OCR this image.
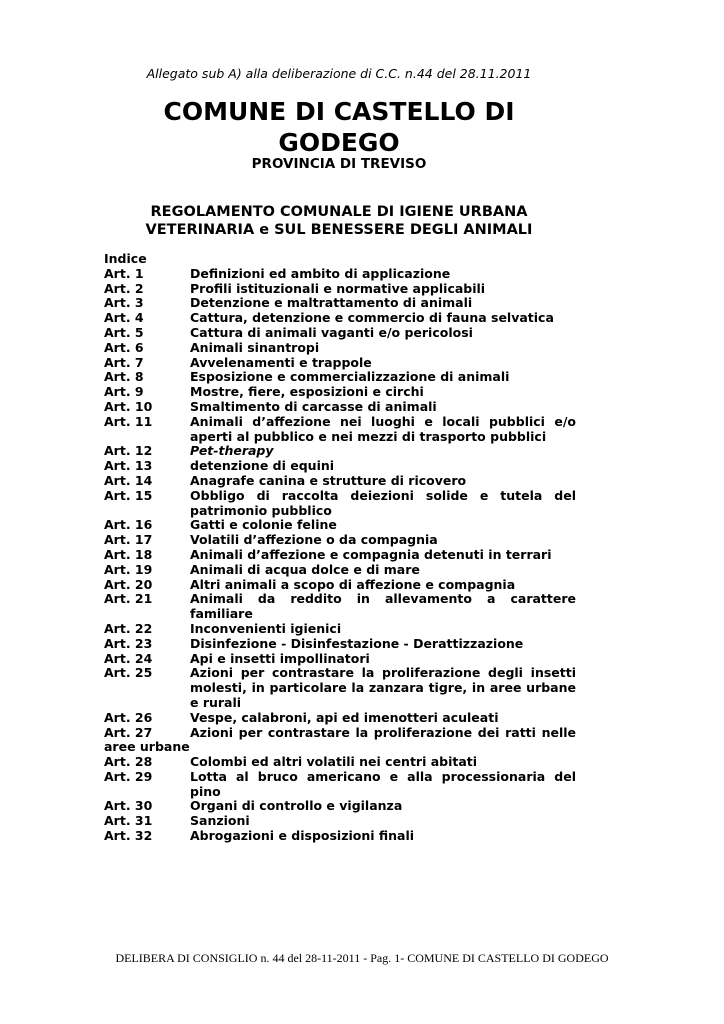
Allegato sub A) alla deliberazione di C.C. n.44 del 28.11.2011
COMUNE DI CASTELLO DI GODEGO
PROVINCIA DI TREVISO
REGOLAMENTO COMUNALE DI IGIENE URBANA
VETERINARIA e SUL BENESSERE DEGLI ANIMALI
Indice
Art. 1	Definizioni ed ambito di applicazione
Art. 2	Profili istituzionali e normative applicabili
Art. 3	Detenzione e maltrattamento di animali
Art. 4	Cattura, detenzione e commercio di fauna selvatica
Art. 5	Cattura di animali vaganti e/o pericolosi
Art. 6	Animali sinantropi
Art. 7	Avvelenamenti e trappole
Art. 8	Esposizione e commercializzazione di animali
Art. 9	Mostre, fiere, esposizioni e circhi
Art. 10	Smaltimento di carcasse di animali
Art. 11	Animali d’affezione nei luoghi e locali pubblici e/o aperti al pubblico e nei mezzi di trasporto pubblici
Art. 12	Pet-therapy
Art. 13	detenzione di equini
Art. 14	Anagrafe canina e strutture di ricovero
Art. 15	Obbligo di raccolta deiezioni solide e tutela del patrimonio pubblico
Art. 16	Gatti e colonie feline
Art. 17	Volatili d’affezione o da compagnia
Art. 18	Animali d’affezione e compagnia detenuti in terrari
Art. 19	Animali di acqua dolce e di mare
Art. 20	Altri animali a scopo di affezione e compagnia
Art. 21	Animali da reddito in allevamento a carattere familiare
Art. 22	Inconvenienti igienici
Art. 23	Disinfezione - Disinfestazione - Derattizzazione
Art. 24	Api e insetti impollinatori
Art. 25	Azioni per contrastare la proliferazione degli insetti molesti, in particolare la zanzara tigre, in aree urbane e rurali
Art. 26	Vespe, calabroni, api ed imenotteri aculeati
Art. 27	Azioni per contrastare la proliferazione dei ratti nelle aree urbane
Art. 28	Colombi ed altri volatili nei centri abitati
Art. 29	Lotta al bruco americano e alla processionaria del pino
Art. 30	Organi di controllo e vigilanza
Art. 31	Sanzioni
Art. 32	Abrogazioni e disposizioni finali
DELIBERA DI CONSIGLIO n. 44 del 28-11-2011 - Pag. 1- COMUNE DI CASTELLO DI GODEGO
